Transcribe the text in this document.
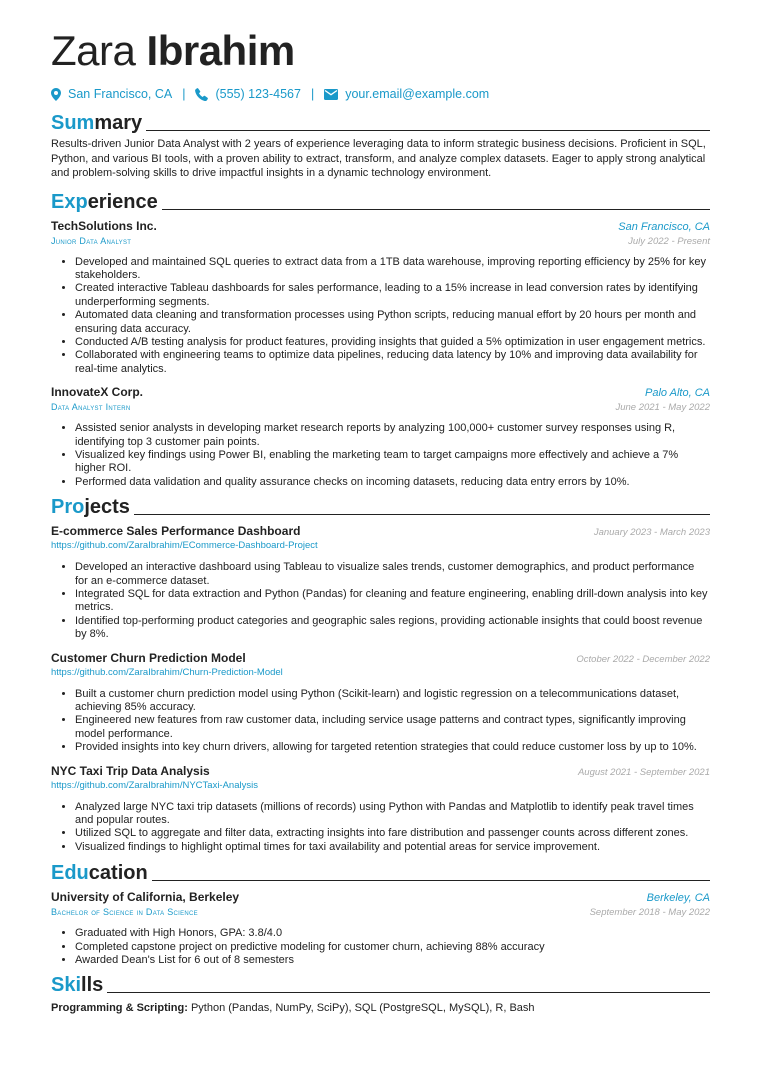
Zara Ibrahim
San Francisco, CA | (555) 123-4567 | your.email@example.com
Summary

Results-driven Junior Data Analyst with 2 years of experience leveraging data to inform strategic business decisions. Proficient in SQL, Python, and various BI tools, with a proven ability to extract, transform, and analyze complex datasets. Eager to apply strong analytical and problem-solving skills to drive impactful insights in a dynamic technology environment.

Experience
TechSolutions Inc.	San Francisco, CA
Junior Data Analyst	July 2022 - Present
• Developed and maintained SQL queries to extract data from a 1TB data warehouse, improving reporting efficiency by 25% for key stakeholders.
• Created interactive Tableau dashboards for sales performance, leading to a 15% increase in lead conversion rates by identifying underperforming segments.
• Automated data cleaning and transformation processes using Python scripts, reducing manual effort by 20 hours per month and ensuring data accuracy.
• Conducted A/B testing analysis for product features, providing insights that guided a 5% optimization in user engagement metrics.
• Collaborated with engineering teams to optimize data pipelines, reducing data latency by 10% and improving data availability for real-time analytics.
InnovateX Corp.	Palo Alto, CA
Data Analyst Intern	June 2021 - May 2022
• Assisted senior analysts in developing market research reports by analyzing 100,000+ customer survey responses using R, identifying top 3 customer pain points.
• Visualized key findings using Power BI, enabling the marketing team to target campaigns more effectively and achieve a 7% higher ROI.
• Performed data validation and quality assurance checks on incoming datasets, reducing data entry errors by 10%.
Projects
E-commerce Sales Performance Dashboard	January 2023 - March 2023
https://github.com/ZaraIbrahim/ECommerce-Dashboard-Project
• Developed an interactive dashboard using Tableau to visualize sales trends, customer demographics, and product performance for an e-commerce dataset.
• Integrated SQL for data extraction and Python (Pandas) for cleaning and feature engineering, enabling drill-down analysis into key metrics.
• Identified top-performing product categories and geographic sales regions, providing actionable insights that could boost revenue by 8%.
Customer Churn Prediction Model	October 2022 - December 2022
https://github.com/ZaraIbrahim/Churn-Prediction-Model
• Built a customer churn prediction model using Python (Scikit-learn) and logistic regression on a telecommunications dataset, achieving 85% accuracy.
• Engineered new features from raw customer data, including service usage patterns and contract types, significantly improving model performance.
• Provided insights into key churn drivers, allowing for targeted retention strategies that could reduce customer loss by up to 10%.
NYC Taxi Trip Data Analysis	August 2021 - September 2021
https://github.com/ZaraIbrahim/NYCTaxi-Analysis
• Analyzed large NYC taxi trip datasets (millions of records) using Python with Pandas and Matplotlib to identify peak travel times and popular routes.
• Utilized SQL to aggregate and filter data, extracting insights into fare distribution and passenger counts across different zones.
• Visualized findings to highlight optimal times for taxi availability and potential areas for service improvement.
Education
University of California, Berkeley	Berkeley, CA
Bachelor of Science in Data Science	September 2018 - May 2022
• Graduated with High Honors, GPA: 3.8/4.0
• Completed capstone project on predictive modeling for customer churn, achieving 88% accuracy
• Awarded Dean's List for 6 out of 8 semesters
Skills
Programming & Scripting: Python (Pandas, NumPy, SciPy), SQL (PostgreSQL, MySQL), R, Bash
